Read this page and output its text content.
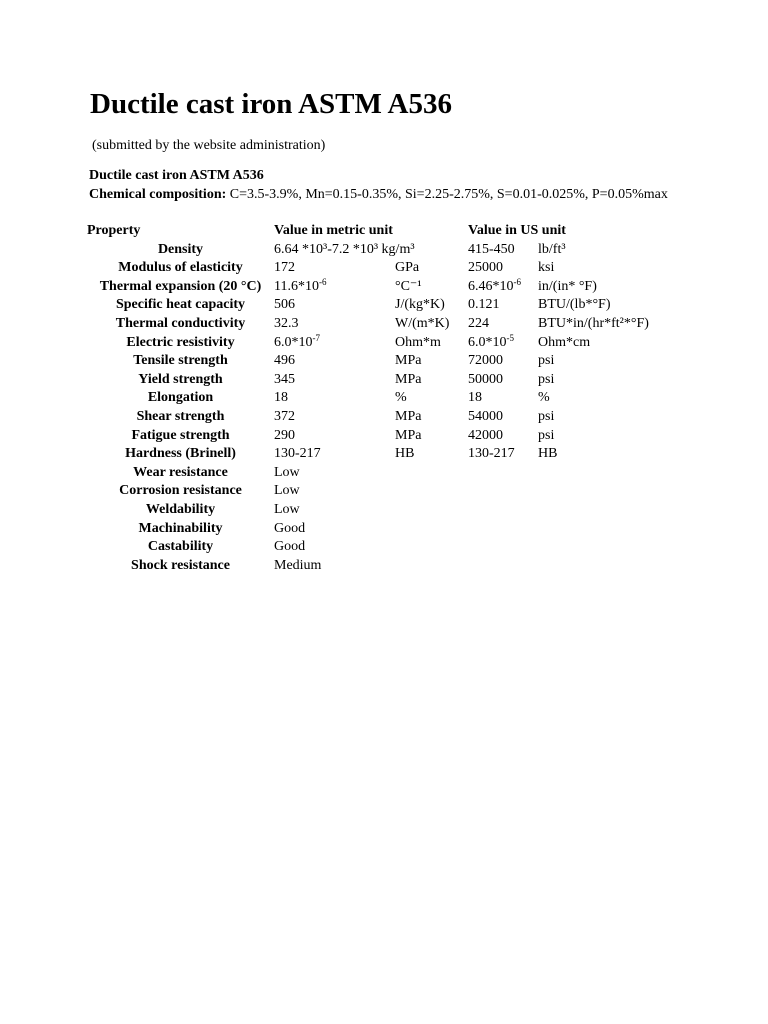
Ductile cast iron ASTM A536
(submitted by the website administration)
Ductile cast iron ASTM A536
Chemical composition: C=3.5-3.9%, Mn=0.15-0.35%, Si=2.25-2.75%, S=0.01-0.025%, P=0.05%max
Property	Value in metric unit		Value in US unit	
Density	6.64 *10³-7.2 *10³ kg/m³		415-450	lb/ft³
Modulus of elasticity	172	GPa	25000	ksi
Thermal expansion (20 °C)	$11.6*10^{-6}$	°C⁻¹	$6.46*10^{-6}$	in/(in* °F)
Specific heat capacity	506	J/(kg*K)	0.121	BTU/(lb*°F)
Thermal conductivity	32.3	W/(m*K)	224	BTU*in/(hr*ft²*°F)
Electric resistivity	$6.0*10^{-7}$	Ohm*m	$6.0*10^{-5}$	Ohm*cm
Tensile strength	496	MPa	72000	psi
Yield strength	345	MPa	50000	psi
Elongation	18	%	18	%
Shear strength	372	MPa	54000	psi
Fatigue strength	290	MPa	42000	psi
Hardness (Brinell)	130-217	HB	130-217	HB
Wear resistance	Low			
Corrosion resistance	Low			
Weldability	Low			
Machinability	Good			
Castability	Good			
Shock resistance	Medium			
